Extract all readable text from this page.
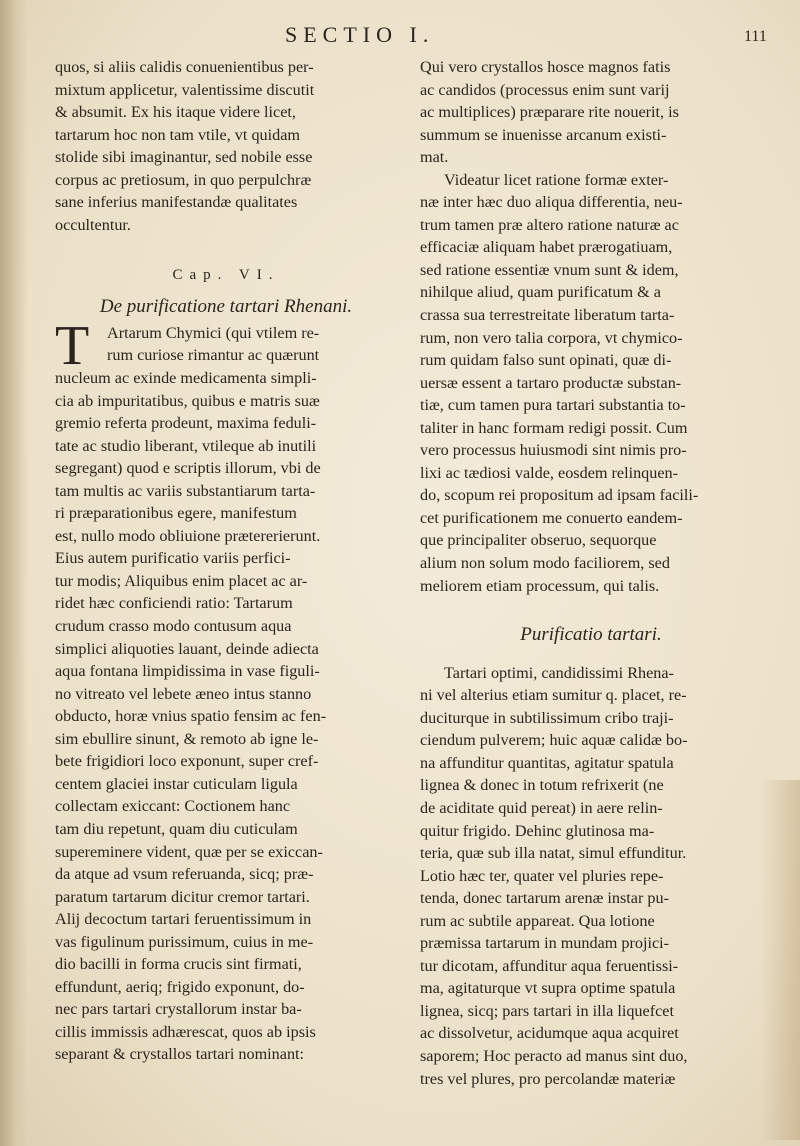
SECTIO I.	111
quos, si aliis calidis conuenientibus per-
mixtum applicetur, valentissime discutit
& absumit. Ex his itaque videre licet,
tartarum hoc non tam vtile, vt quidam
stolide sibi imaginantur, sed nobile esse
corpus ac pretiosum, in quo perpulchræ
sane inferius manifestandæ qualitates
occultentur.
Cap. VI.
De purificatione tartari Rhenani.
T	Artarum Chymici (qui vtilem re-
rum curiose rimantur ac quærunt
nucleum ac exinde medicamenta simpli-
cia ab impuritatibus, quibus e matris suæ
gremio referta prodeunt, maxima feduli-
tate ac studio liberant, vtileque ab inutili
segregant) quod e scriptis illorum, vbi de
tam multis ac variis substantiarum tarta-
ri præparationibus egere, manifestum
est, nullo modo obliuione prætererierunt.
Eius autem purificatio variis perfici-
tur modis; Aliquibus enim placet ac ar-
ridet hæc conficiendi ratio: Tartarum
crudum crasso modo contusum aqua
simplici aliquoties lauant, deinde adiecta
aqua fontana limpidissima in vase figuli-
no vitreato vel lebete æneo intus stanno
obducto, horæ vnius spatio fensim ac fen-
sim ebullire sinunt, & remoto ab igne le-
bete frigidiori loco exponunt, super cref-
centem glaciei instar cuticulam ligula
collectam exiccant: Coctionem hanc
tam diu repetunt, quam diu cuticulam
supereminere vident, quæ per se exiccan-
da atque ad vsum referuanda, sicq; præ-
paratum tartarum dicitur cremor tartari.
Alij decoctum tartari feruentissimum in
vas figulinum purissimum, cuius in me-
dio bacilli in forma crucis sint firmati,
effundunt, aeriq; frigido exponunt, do-
nec pars tartari crystallorum instar ba-
cillis immissis adhærescat, quos ab ipsis
separant & crystallos tartari nominant:
Qui vero crystallos hosce magnos fatis
ac candidos (processus enim sunt varij
ac multiplices) præparare rite nouerit, is
summum se inuenisse arcanum existi-
mat.
Videatur licet ratione formæ exter-
næ inter hæc duo aliqua differentia, neu-
trum tamen præ altero ratione naturæ ac
efficaciæ aliquam habet prærogatiuam,
sed ratione essentiæ vnum sunt & idem,
nihilque aliud, quam purificatum & a
crassa sua terrestreitate liberatum tarta-
rum, non vero talia corpora, vt chymico-
rum quidam falso sunt opinati, quæ di-
uersæ essent a tartaro productæ substan-
tiæ, cum tamen pura tartari substantia to-
taliter in hanc formam redigi possit. Cum
vero processus huiusmodi sint nimis pro-
lixi ac tædiosi valde, eosdem relinquen-
do, scopum rei propositum ad ipsam facili-
cet purificationem me conuerto eandem-
que principaliter obseruo, sequorque
alium non solum modo faciliorem, sed
meliorem etiam processum, qui talis.
Purificatio tartari.
Tartari optimi, candidissimi Rhena-
ni vel alterius etiam sumitur q. placet, re-
duciturque in subtilissimum cribo traji-
ciendum pulverem; huic aquæ calidæ bo-
na affunditur quantitas, agitatur spatula
lignea & donec in totum refrixerit (ne
de aciditate quid pereat) in aere relin-
quitur frigido. Dehinc glutinosa ma-
teria, quæ sub illa natat, simul effunditur.
Lotio hæc ter, quater vel pluries repe-
tenda, donec tartarum arenæ instar pu-
rum ac subtile appareat. Qua lotione
præmissa tartarum in mundam projici-
tur dicotam, affunditur aqua feruentissi-
ma, agitaturque vt supra optime spatula
lignea, sicq; pars tartari in illa liquefcet
ac dissolvetur, acidumque aqua acquiret
saporem; Hoc peracto ad manus sint duo,
tres vel plures, pro percolandæ materiæ
